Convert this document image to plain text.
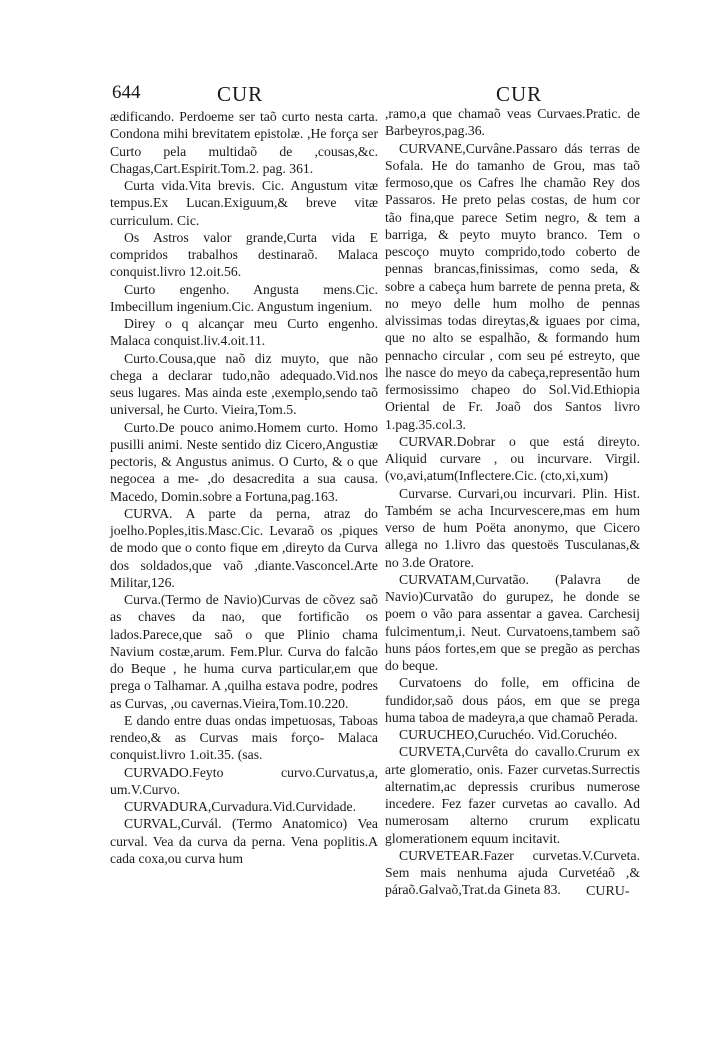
644	CUR	CUR

ædificando. Perdoeme ser taõ curto nesta carta. Condona mihi brevitatem epistolæ. ,He força ser Curto pela multidaõ de ,cousas,&c. Chagas,Cart.Espirit.Tom.2. pag. 361.

Curta vida.Vita brevis. Cic. Angustum vitæ tempus.Ex Lucan.Exiguum,& breve vitæ curriculum. Cic.

Os Astros valor grande,Curta vida E compridos trabalhos destinaraõ. Malaca conquist.livro 12.oit.56.

Curto engenho. Angusta mens.Cic. Imbecillum ingenium.Cic. Angustum ingenium.

Direy o q alcançar meu Curto engenho. Malaca conquist.liv.4.oit.11.

Curto.Cousa,que naõ diz muyto, que não chega a declarar tudo,não adequado.Vid.nos seus lugares. Mas ainda este ,exemplo,sendo taõ universal, he Curto. Vieira,Tom.5.

Curto.De pouco animo.Homem curto. Homo pusilli animi. Neste sentido diz Cicero,Angustiæ pectoris, & Angustus animus. O Curto, & o que negocea a me- ,do desacredita a sua causa. Macedo, Domin.sobre a Fortuna,pag.163.

CURVA. A parte da perna, atraz do joelho.Poples,itis.Masc.Cic. Levaraõ os ,piques de modo que o conto fique em ,direyto da Curva dos soldados,que vaõ ,diante.Vasconcel.Arte Militar,126.

Curva.(Termo de Navio)Curvas de cõvez saõ as chaves da nao, que fortificão os lados.Parece,que saõ o que Plinio chama Navium costæ,arum. Fem.Plur. Curva do falcão do Beque , he huma curva particular,em que prega o Talhamar. A ,quilha estava podre, podres as Curvas, ,ou cavernas.Vieira,Tom.10.220.

E dando entre duas ondas impetuosas, Taboas rendeo,& as Curvas mais forço- Malaca conquist.livro 1.oit.35. (sas.

CURVADO.Feyto curvo.Curvatus,a, um.V.Curvo.

CURVADURA,Curvadura.Vid.Curvidade.

CURVAL,Curvál. (Termo Anatomico) Vea curval. Vea da curva da perna. Vena poplitis.A cada coxa,ou curva hum

,ramo,a que chamaõ veas Curvaes.Pratic. de Barbeyros,pag.36.

CURVANE,Curvâne.Passaro dás terras de Sofala. He do tamanho de Grou, mas taõ fermoso,que os Cafres lhe chamão Rey dos Passaros. He preto pelas costas, de hum cor tão fina,que parece Setim negro, & tem a barriga, & peyto muyto branco. Tem o pescoço muyto comprido,todo coberto de pennas brancas,finissimas, como seda, & sobre a cabeça hum barrete de penna preta, & no meyo delle hum molho de pennas alvissimas todas direytas,& iguaes por cima, que no alto se espalhão, & formando hum pennacho circular , com seu pé estreyto, que lhe nasce do meyo da cabeça,representão hum fermosissimo chapeo do Sol.Vid.Ethiopia Oriental de Fr. Joaõ dos Santos livro 1.pag.35.col.3.

CURVAR.Dobrar o que está direyto. Aliquid curvare , ou incurvare. Virgil. (vo,avi,atum(Inflectere.Cic. (cto,xi,xum)

Curvarse. Curvari,ou incurvari. Plin. Hist. Também se acha Incurvescere,mas em hum verso de hum Poëta anonymo, que Cicero allega no 1.livro das questoës Tusculanas,& no 3.de Oratore.

CURVATAM,Curvatão. (Palavra de Navio)Curvatão do gurupez, he donde se poem o vão para assentar a gavea. Carchesij fulcimentum,i. Neut. Curvatoens,tambem saõ huns páos fortes,em que se pregão as perchas do beque.

Curvatoens do folle, em officina de fundidor,saõ dous páos, em que se prega huma taboa de madeyra,a que chamaõ Perada.

CURUCHEO,Curuchéo. Vid.Coruchéo.

CURVETA,Curvêta do cavallo.Crurum ex arte glomeratio, onis. Fazer curvetas.Surrectis alternatim,ac depressis cruribus numerose incedere. Fez fazer curvetas ao cavallo. Ad numerosam alterno crurum explicatu glomerationem equum incitavit.

CURVETEAR.Fazer curvetas.V.Curveta. Sem mais nenhuma ajuda Curvetéaõ ,& páraõ.Galvaõ,Trat.da Gineta 83.	CURU-
